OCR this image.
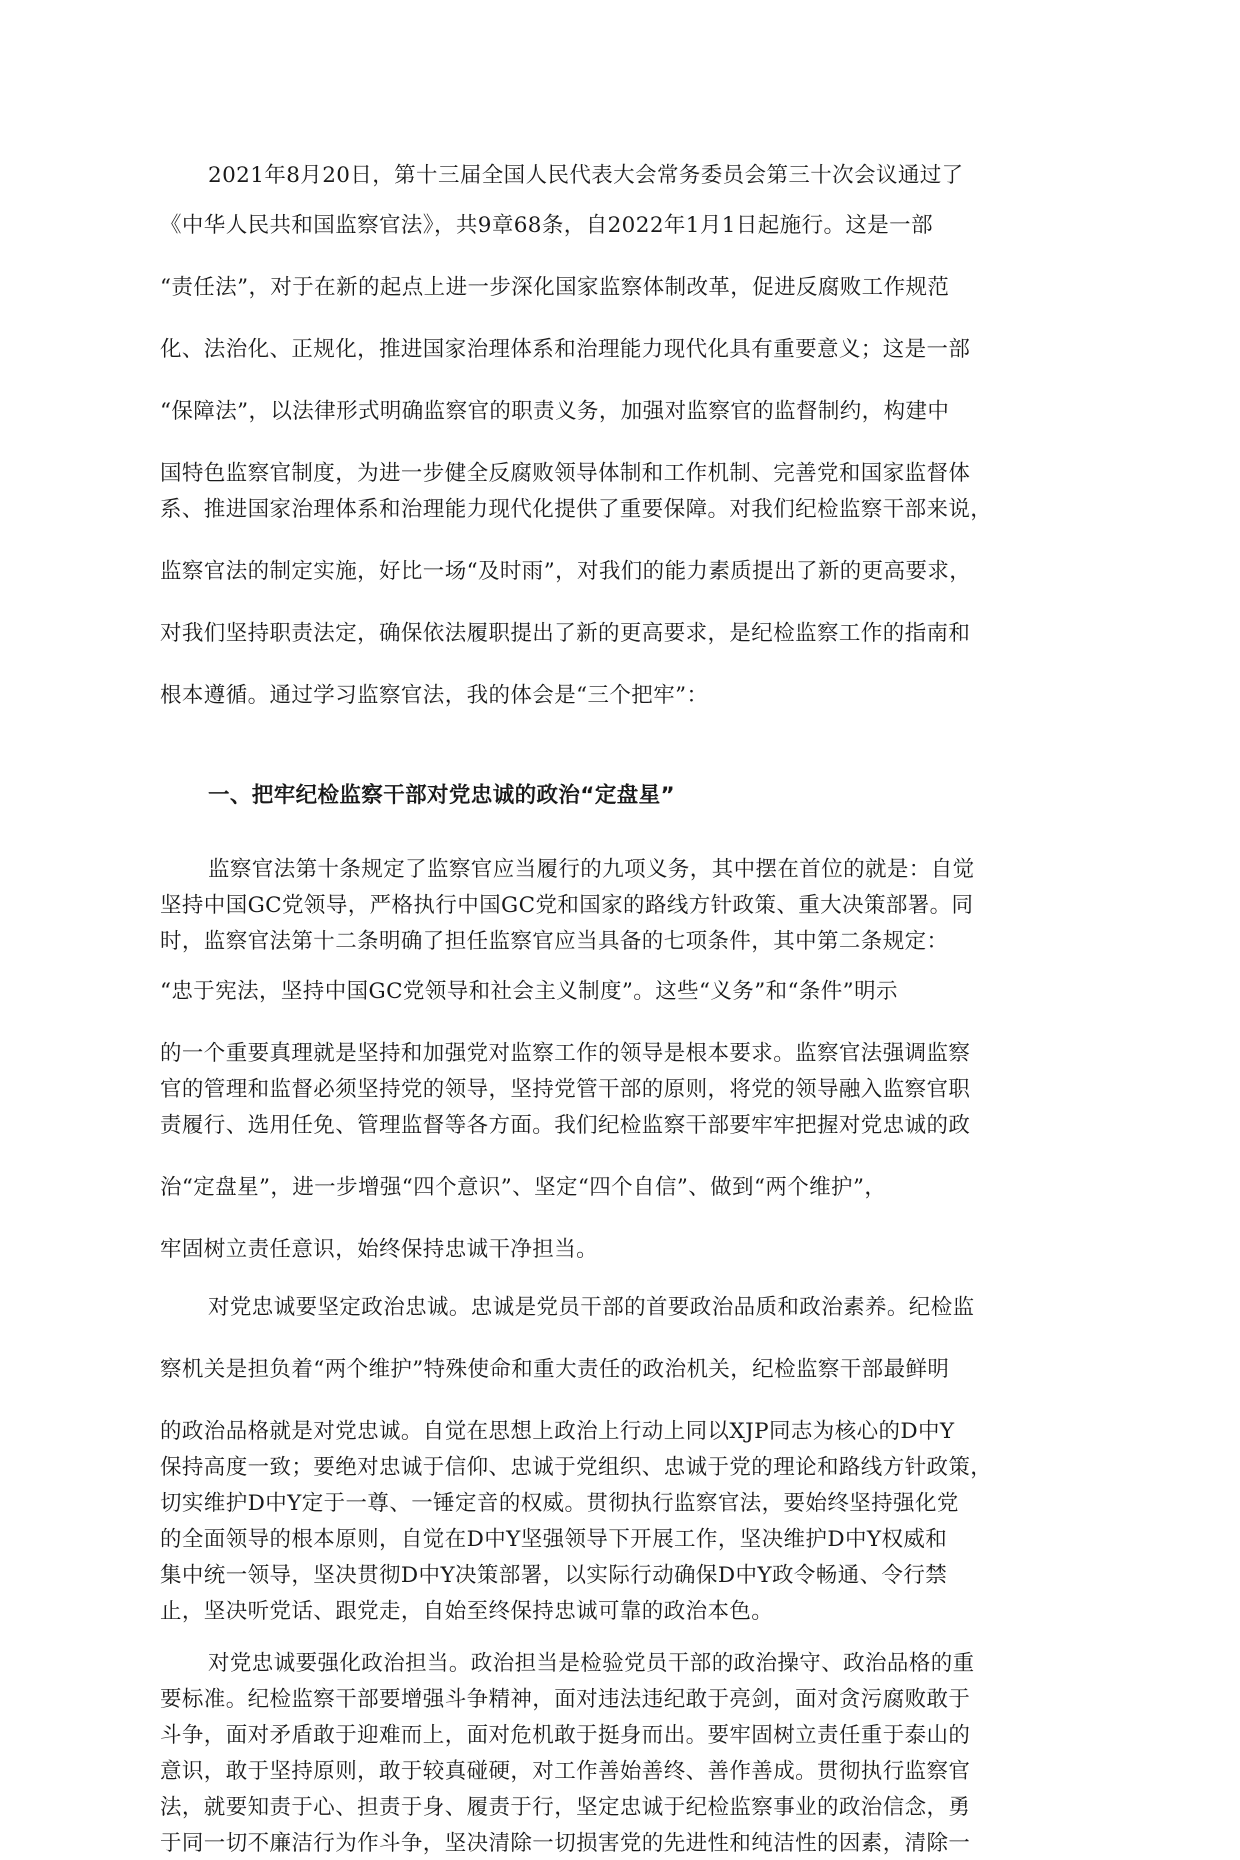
2021年8月20日，第十三届全国人民代表大会常务委员会第三十次会议通过了
《中华人民共和国监察官法》，共9章68条，自2022年1月1日起施行。这是一部
“责任法”，对于在新的起点上进一步深化国家监察体制改革，促进反腐败工作规范
化、法治化、正规化，推进国家治理体系和治理能力现代化具有重要意义；这是一部
“保障法”，以法律形式明确监察官的职责义务，加强对监察官的监督制约，构建中
国特色监察官制度，为进一步健全反腐败领导体制和工作机制、完善党和国家监督体
系、推进国家治理体系和治理能力现代化提供了重要保障。对我们纪检监察干部来说，
监察官法的制定实施，好比一场“及时雨”，对我们的能力素质提出了新的更高要求，
对我们坚持职责法定，确保依法履职提出了新的更高要求，是纪检监察工作的指南和
根本遵循。通过学习监察官法，我的体会是“三个把牢”：
一、把牢纪检监察干部对党忠诚的政治“定盘星”
监察官法第十条规定了监察官应当履行的九项义务，其中摆在首位的就是：自觉
坚持中国GC党领导，严格执行中国GC党和国家的路线方针政策、重大决策部署。同
时，监察官法第十二条明确了担任监察官应当具备的七项条件，其中第二条规定：
“忠于宪法，坚持中国GC党领导和社会主义制度”。这些“义务”和“条件”明示
的一个重要真理就是坚持和加强党对监察工作的领导是根本要求。监察官法强调监察
官的管理和监督必须坚持党的领导，坚持党管干部的原则，将党的领导融入监察官职
责履行、选用任免、管理监督等各方面。我们纪检监察干部要牢牢把握对党忠诚的政
治“定盘星”，进一步增强“四个意识”、坚定“四个自信”、做到“两个维护”，
牢固树立责任意识，始终保持忠诚干净担当。
对党忠诚要坚定政治忠诚。忠诚是党员干部的首要政治品质和政治素养。纪检监
察机关是担负着“两个维护”特殊使命和重大责任的政治机关，纪检监察干部最鲜明
的政治品格就是对党忠诚。自觉在思想上政治上行动上同以XJP同志为核心的D中Y
保持高度一致；要绝对忠诚于信仰、忠诚于党组织、忠诚于党的理论和路线方针政策，
切实维护D中Y定于一尊、一锤定音的权威。贯彻执行监察官法，要始终坚持强化党
的全面领导的根本原则，自觉在D中Y坚强领导下开展工作，坚决维护D中Y权威和
集中统一领导，坚决贯彻D中Y决策部署，以实际行动确保D中Y政令畅通、令行禁
止，坚决听党话、跟党走，自始至终保持忠诚可靠的政治本色。
对党忠诚要强化政治担当。政治担当是检验党员干部的政治操守、政治品格的重
要标准。纪检监察干部要增强斗争精神，面对违法违纪敢于亮剑，面对贪污腐败敢于
斗争，面对矛盾敢于迎难而上，面对危机敢于挺身而出。要牢固树立责任重于泰山的
意识，敢于坚持原则，敢于较真碰硬，对工作善始善终、善作善成。贯彻执行监察官
法，就要知责于心、担责于身、履责于行，坚定忠诚于纪检监察事业的政治信念，勇
于同一切不廉洁行为作斗争，坚决清除一切损害党的先进性和纯洁性的因素，清除一
